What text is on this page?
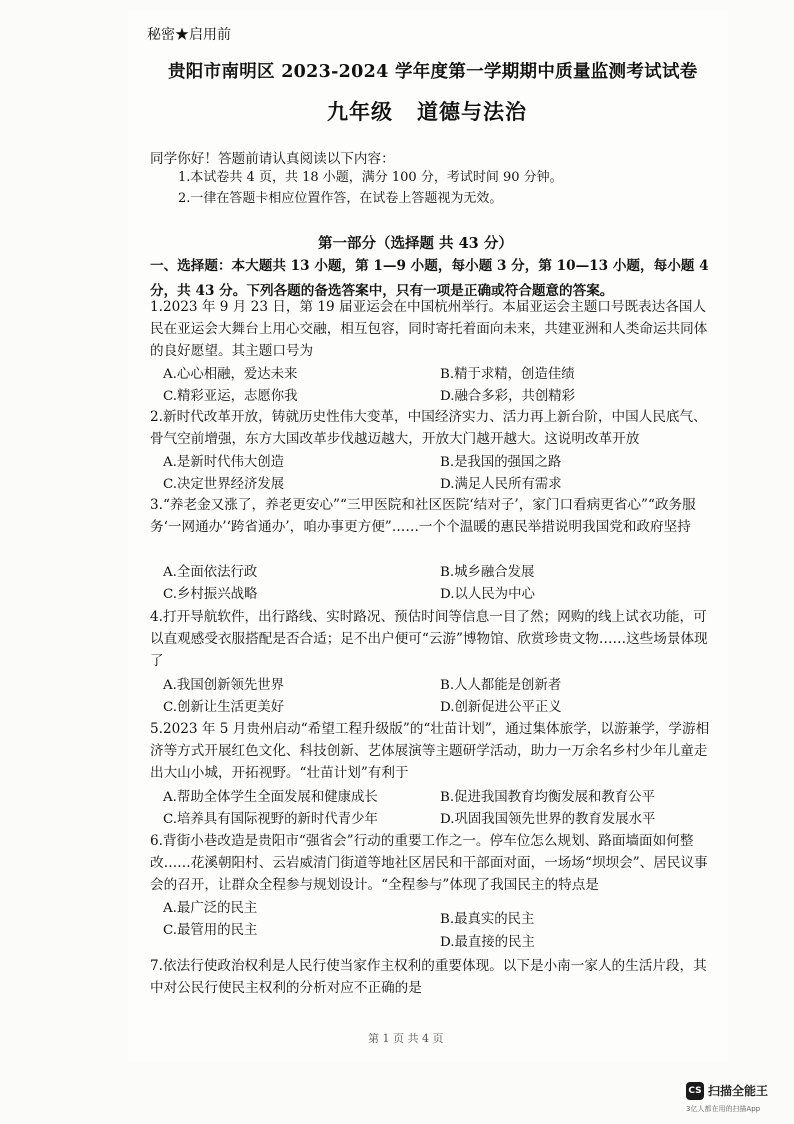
秘密★启用前
贵阳市南明区 2023-2024 学年度第一学期期中质量监测考试试卷
九年级 道德与法治
同学你好！答题前请认真阅读以下内容：
1.本试卷共 4 页，共 18 小题，满分 100 分，考试时间 90 分钟。
2.一律在答题卡相应位置作答，在试卷上答题视为无效。
第一部分（选择题 共 43 分）
一、选择题：本大题共 13 小题，第 1—9 小题，每小题 3 分，第 10—13 小题，每小题 4 分，共 43 分。下列各题的备选答案中，只有一项是正确或符合题意的答案。
1.2023 年 9 月 23 日，第 19 届亚运会在中国杭州举行。本届亚运会主题口号既表达各国人民在亚运会大舞台上用心交融，相互包容，同时寄托着面向未来，共建亚洲和人类命运共同体的良好愿望。其主题口号为
A.心心相融，爱达未来	B.精于求精，创造佳绩
C.精彩亚运，志愿你我	D.融合多彩，共创精彩
2.新时代改革开放，铸就历史性伟大变革，中国经济实力、活力再上新台阶，中国人民底气、骨气空前增强，东方大国改革步伐越迈越大，开放大门越开越大。这说明改革开放
A.是新时代伟大创造	B.是我国的强国之路
C.决定世界经济发展	D.满足人民所有需求
3.“养老金又涨了，养老更安心”“三甲医院和社区医院‘结对子’，家门口看病更省心”“政务服务‘一网通办’‘跨省通办’，咱办事更方便”……一个个温暖的惠民举措说明我国党和政府坚持
A.全面依法行政	B.城乡融合发展
C.乡村振兴战略	D.以人民为中心
4.打开导航软件，出行路线、实时路况、预估时间等信息一目了然；网购的线上试衣功能，可以直观感受衣服搭配是否合适；足不出户便可“云游”博物馆、欣赏珍贵文物……这些场景体现了
A.我国创新领先世界	B.人人都能是创新者
C.创新让生活更美好	D.创新促进公平正义
5.2023 年 5 月贵州启动“希望工程升级版”的“壮苗计划”，通过集体旅学，以游兼学，学游相济等方式开展红色文化、科技创新、艺体展演等主题研学活动，助力一万余名乡村少年儿童走出大山小城，开拓视野。“壮苗计划”有利于
A.帮助全体学生全面发展和健康成长	B.促进我国教育均衡发展和教育公平
C.培养具有国际视野的新时代青少年	D.巩固我国领先世界的教育发展水平
6.背街小巷改造是贵阳市“强省会”行动的重要工作之一。停车位怎么规划、路面墙面如何整改……花溪朝阳村、云岩威清门街道等地社区居民和干部面对面，一场场“坝坝会”、居民议事会的召开，让群众全程参与规划设计。“全程参与”体现了我国民主的特点是
A.最广泛的民主
B.最真实的民主
C.最管用的民主
D.最直接的民主
7.依法行使政治权利是人民行使当家作主权利的重要体现。以下是小南一家人的生活片段，其中对公民行使民主权利的分析对应不正确的是
第 1 页 共 4 页
CS 扫描全能王
3亿人都在用的扫描App
